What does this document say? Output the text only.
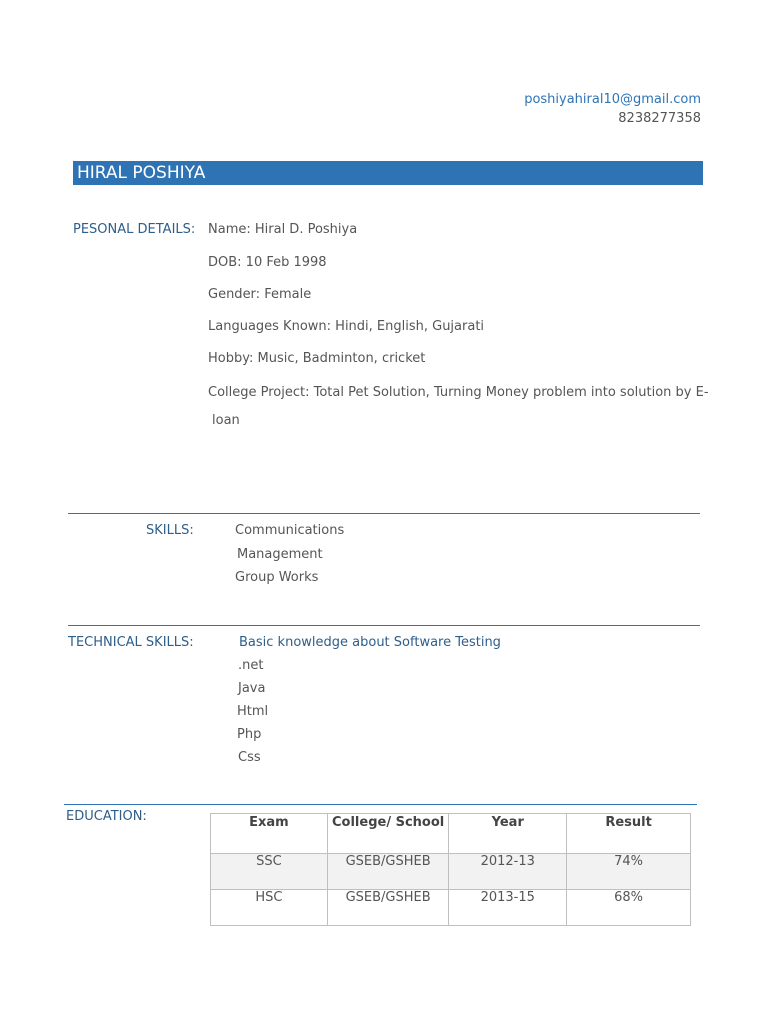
poshiyahiral10@gmail.com
8238277358
HIRAL POSHIYA
PESONAL DETAILS: Name: Hiral D. Poshiya
DOB: 10 Feb 1998
Gender: Female
Languages Known: Hindi, English, Gujarati
Hobby: Music, Badminton, cricket
College Project: Total Pet Solution, Turning Money problem into solution by E-
loan
SKILLS:	Communications
Management
Group Works
TECHNICAL SKILLS:	Basic knowledge about Software Testing
.net
Java
Html
Php
Css
EDUCATION:	Exam	College/ School	Year	Result
SSC	GSEB/GSHEB	2012-13	74%
HSC	GSEB/GSHEB	2013-15	68%
